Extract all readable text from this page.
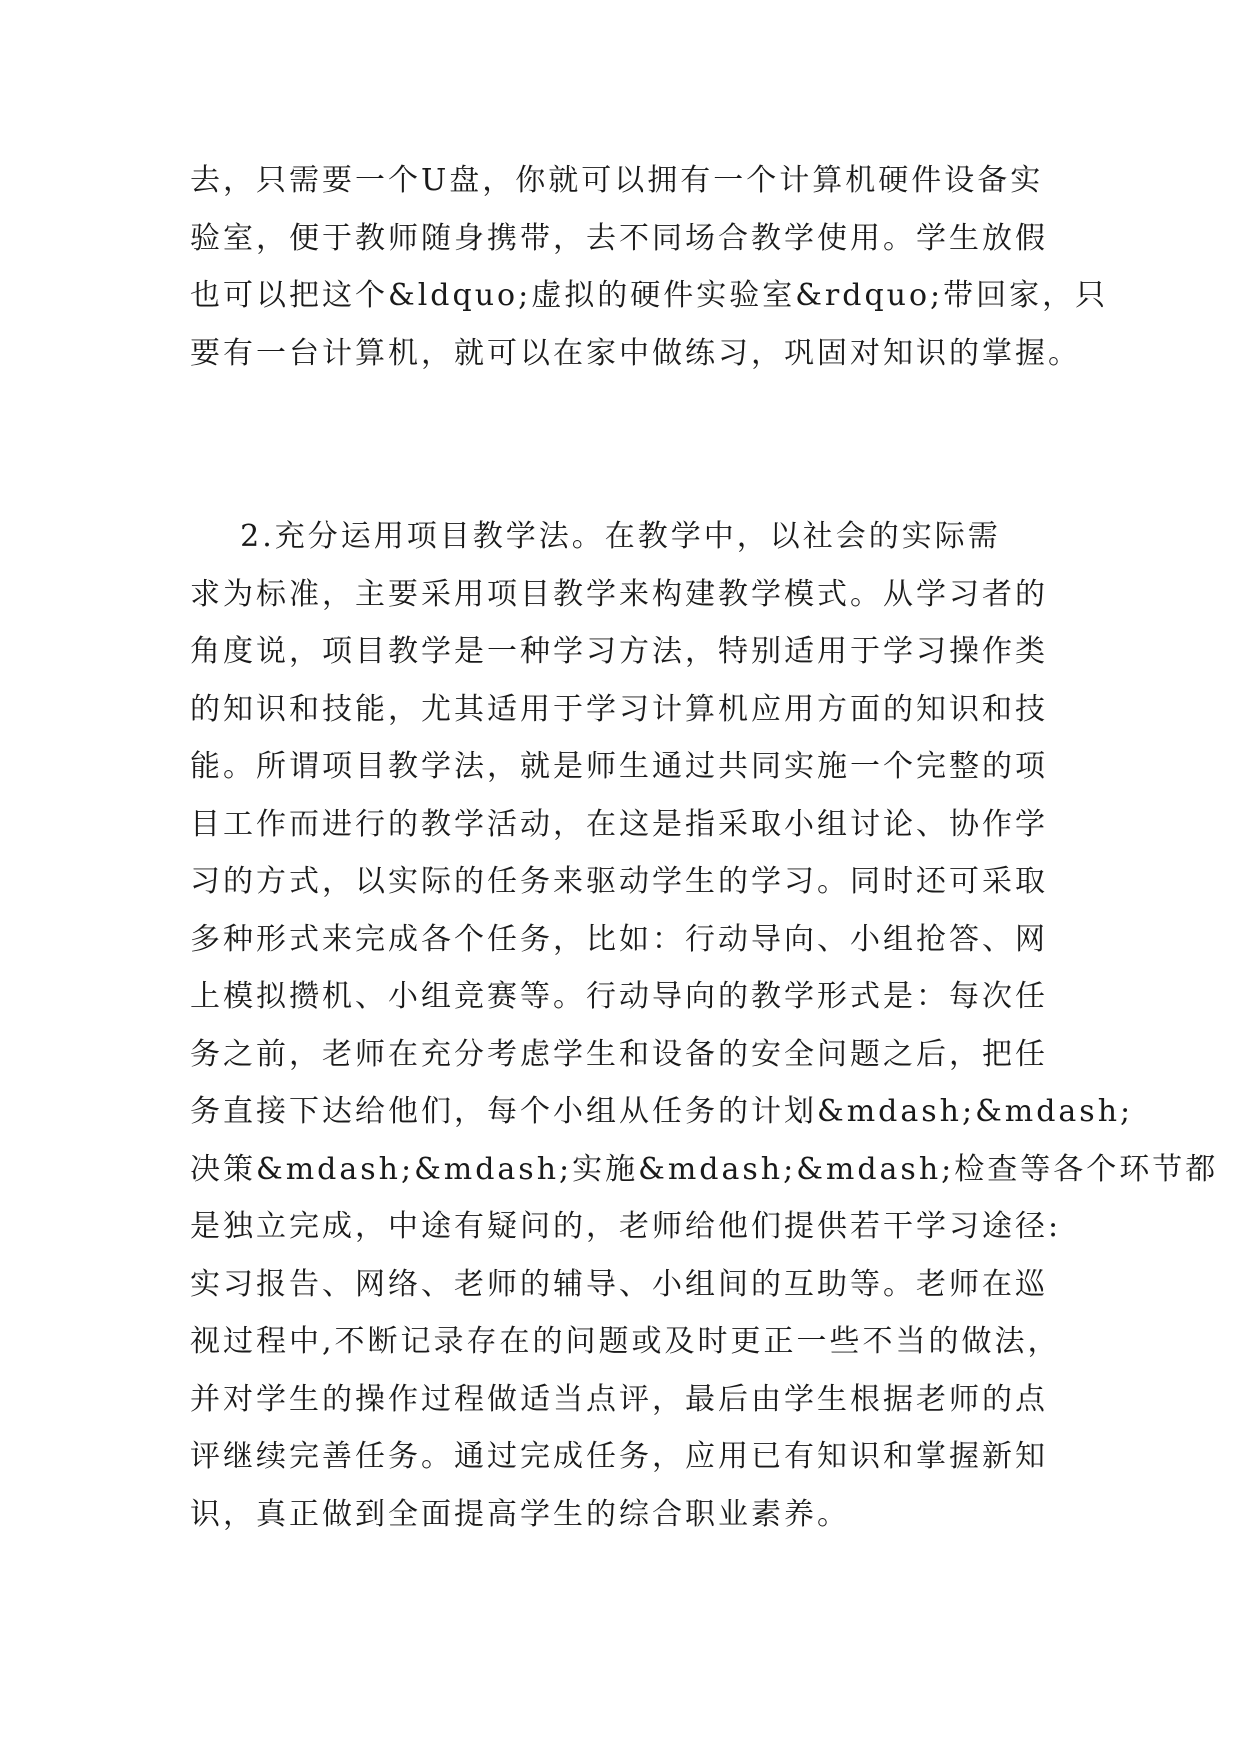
去，只需要一个U盘，你就可以拥有一个计算机硬件设备实
验室，便于教师随身携带，去不同场合教学使用。学生放假
也可以把这个&ldquo;虚拟的硬件实验室&rdquo;带回家，只
要有一台计算机，就可以在家中做练习，巩固对知识的掌握。

2.充分运用项目教学法。在教学中，以社会的实际需
求为标准，主要采用项目教学来构建教学模式。从学习者的
角度说，项目教学是一种学习方法，特别适用于学习操作类
的知识和技能，尤其适用于学习计算机应用方面的知识和技
能。所谓项目教学法，就是师生通过共同实施一个完整的项
目工作而进行的教学活动，在这是指采取小组讨论、协作学
习的方式，以实际的任务来驱动学生的学习。同时还可采取
多种形式来完成各个任务，比如：行动导向、小组抢答、网
上模拟攒机、小组竞赛等。行动导向的教学形式是：每次任
务之前，老师在充分考虑学生和设备的安全问题之后，把任
务直接下达给他们，每个小组从任务的计划&mdash;&mdash;
决策&mdash;&mdash;实施&mdash;&mdash;检查等各个环节都
是独立完成，中途有疑问的，老师给他们提供若干学习途径:
实习报告、网络、老师的辅导、小组间的互助等。老师在巡
视过程中,不断记录存在的问题或及时更正一些不当的做法，
并对学生的操作过程做适当点评，最后由学生根据老师的点
评继续完善任务。通过完成任务，应用已有知识和掌握新知
识，真正做到全面提高学生的综合职业素养。
